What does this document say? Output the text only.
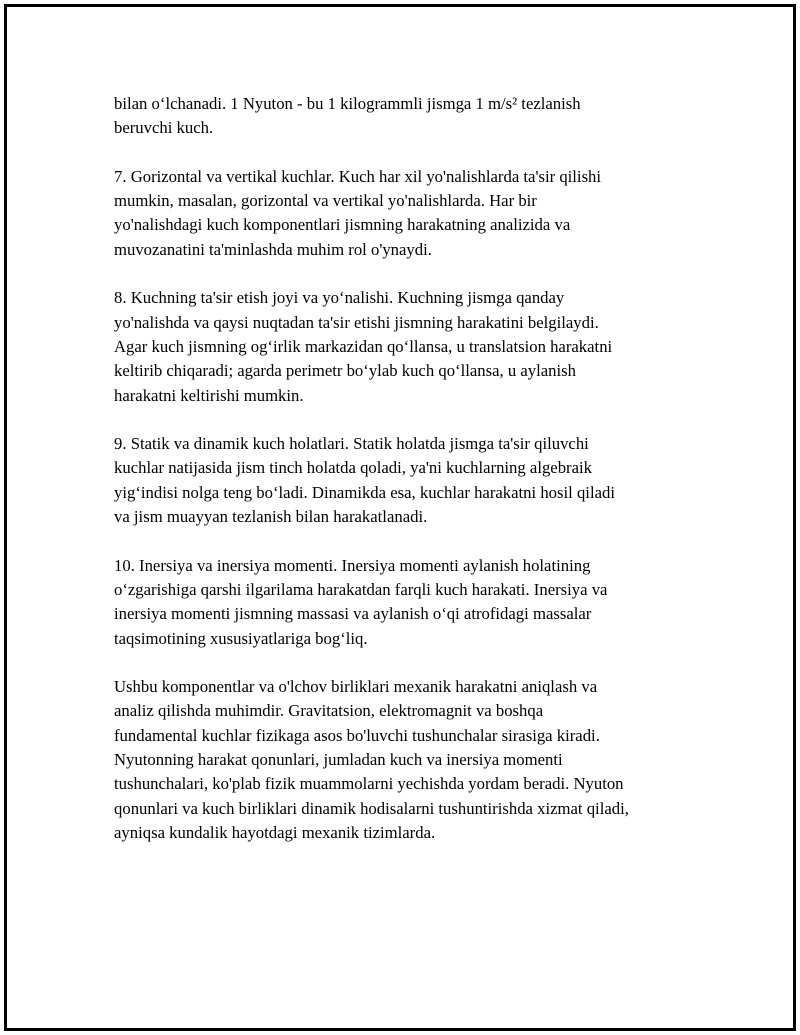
bilan o‘lchanadi. 1 Nyuton - bu 1 kilogrammli jismga 1 m/s² tezlanish
beruvchi kuch.

7. Gorizontal va vertikal kuchlar. Kuch har xil yo'nalishlarda ta'sir qilishi
mumkin, masalan, gorizontal va vertikal yo'nalishlarda. Har bir
yo'nalishdagi kuch komponentlari jismning harakatning analizida va
muvozanatini ta'minlashda muhim rol o'ynaydi.

8. Kuchning ta'sir etish joyi va yo‘nalishi. Kuchning jismga qanday
yo'nalishda va qaysi nuqtadan ta'sir etishi jismning harakatini belgilaydi.
Agar kuch jismning og‘irlik markazidan qo‘llansa, u translatsion harakatni
keltirib chiqaradi; agarda perimetr bo‘ylab kuch qo‘llansa, u aylanish
harakatni keltirishi mumkin.

9. Statik va dinamik kuch holatlari. Statik holatda jismga ta'sir qiluvchi
kuchlar natijasida jism tinch holatda qoladi, ya'ni kuchlarning algebraik
yig‘indisi nolga teng bo‘ladi. Dinamikda esa, kuchlar harakatni hosil qiladi
va jism muayyan tezlanish bilan harakatlanadi.

10. Inersiya va inersiya momenti. Inersiya momenti aylanish holatining
o‘zgarishiga qarshi ilgarilama harakatdan farqli kuch harakati. Inersiya va
inersiya momenti jismning massasi va aylanish o‘qi atrofidagi massalar
taqsimotining xususiyatlariga bog‘liq.

Ushbu komponentlar va o'lchov birliklari mexanik harakatni aniqlash va
analiz qilishda muhimdir. Gravitatsion, elektromagnit va boshqa
fundamental kuchlar fizikaga asos bo'luvchi tushunchalar sirasiga kiradi.
Nyutonning harakat qonunlari, jumladan kuch va inersiya momenti
tushunchalari, ko'plab fizik muammolarni yechishda yordam beradi. Nyuton
qonunlari va kuch birliklari dinamik hodisalarni tushuntirishda xizmat qiladi,
ayniqsa kundalik hayotdagi mexanik tizimlarda.
